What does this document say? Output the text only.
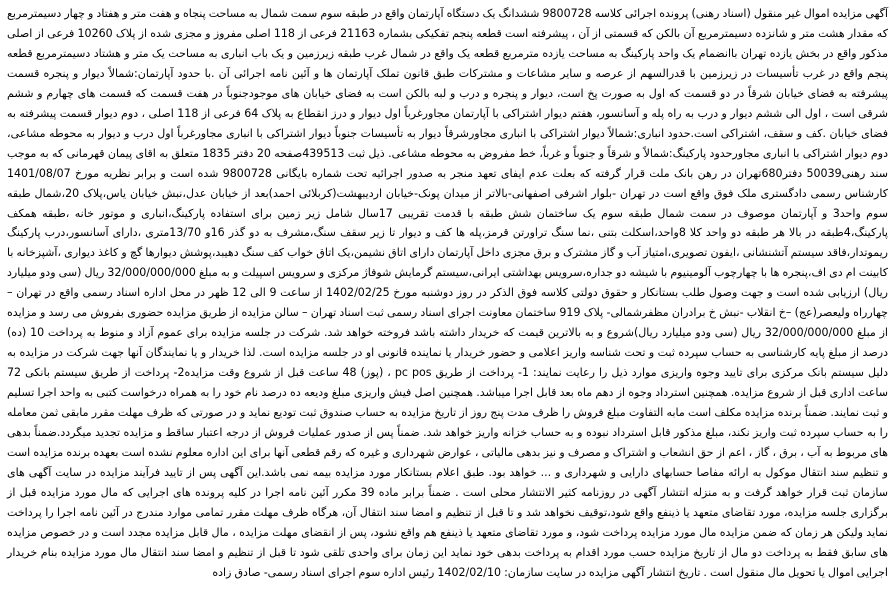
آگهی مزایده اموال غیر منقول (اسناد رهنی) پرونده اجرائی کلاسه 9800728 ششدانگ یک دستگاه آپارتمان واقع در طبقه سوم سمت شمال به مساحت پنجاه و هفت متر و هفتاد و چهار دسیمترمربع که مقدار هشت متر و شانزده دسیمترمربع آن بالکن که قسمتی از آن ، پیشرفته است قطعه پنجم تفکیکی بشماره 21163 فرعی از 118 اصلی مفروز و مجزی شده از پلاک 10260 فرعی از اصلی مذکور واقع در بخش یازده تهران باانضمام یک واحد پارکینگ به مساحت یازده مترمربع قطعه یک واقع در شمال غرب طبقه زیرزمین و یک باب انباری به مساحت یک متر و هشتاد دسیمترمربع قطعه پنجم واقع در غرب تأسیسات در زیرزمین با قدرالسهم از عرصه و سایر مشاعات و مشترکات طبق قانون تملک آپارتمان ها و آئین نامه اجرائی آن .با حدود آپارتمان:شمالاً دیوار و پنجره قسمت پیشرفته به فضای خیابان شرقاً در دو قسمت که اول به صورت پخ است، دیوار و پنجره و درب و لبه بالکن است به فضای خیابان های موجودجنوباً در هفت قسمت که قسمت های چهارم و ششم شرقی است ، اول الی ششم دیوار و درب به راه پله و آسانسور، هفتم دیوار اشتراکی با آپارتمان مجاورغرباً اول دیوار و درز انقطاع به پلاک 64 فرعی از 118 اصلی ، دوم دیوار قسمت پیشرفته به فضای خیابان .کف و سقف، اشتراکی است.حدود انباری:شمالاً دیوار اشتراکی با انباری مجاورشرقاً دیوار به تأسیسات جنوباً دیوار اشتراکی با انباری مجاورغرباً اول درب و دیوار به محوطه مشاعی، دوم دیوار اشتراکی با انباری مجاورحدود پارکینگ:شمالاً و شرقاً و جنوباً و غرباً، خط مفروض به محوطه مشاعی. ذیل ثبت 439513صفحه 20 دفتر 1835 متعلق به اقای پیمان قهرمانی که به موجب سند رهنی50039 دفتر680تهران در رهن بانک ملت قرار گرفته که بعلت عدم ایفای تعهد منجر به صدور اجرائیه تحت شماره بایگانی 9800728 شده است و برابر نظریه مورخ 1401/08/07 کارشناس رسمی دادگستری ملک فوق واقع است در تهران -بلوار اشرفی اصفهانی-بالاتر از میدان پونک-خیابان اردیبهشت(کربلائی احمد)بعد از خیابان عدل،نبش خیابان یاس،پلاک 20،شمال طبقه سوم واحد3 و آپارتمان موصوف در سمت شمال طبقه سوم یک ساختمان شش طبقه با قدمت تقریبی 17سال شامل زیر زمین برای استفاده پارکینگ،انباری و موتور خانه ،طبقه همکف پارکینگ،4طبقه در بالا هر طبقه دو واحد کلا 8واحد،اسکلت بتنی ،نما سنگ تراورتن قرمز،پله ها کف و دیوار تا زیر سقف سنگ،مشرف به دو گذر 16و 13/70متری ،دارای آسانسور،درب پارکینگ ریموتدار،فاقد سیستم آتشنشانی ،ایفون تصویری،امتیاز آب و گاز مشترک و برق مجزی داخل آپارتمان دارای اتاق نشیمن،یک اتاق خواب کف سنگ دهیبد،پوشش دیوارها گچ و کاغذ دیواری ،آشپزخانه با کابینت ام دی اف،پنجره ها با چهارچوب آلومینیوم با شیشه دو جداره،سرویس بهداشتی ایرانی،سیستم گرمایش شوفاژ مرکزی و سرویس اسپیلت و به مبلغ 32/000/000/000 ریال (سی ودو میلیارد ریال) ارزیابی شده است و جهت وصول طلب بستانکار و حقوق دولتی کلاسه فوق الذکر در روز دوشنبه مورخ 1402/02/25 از ساعت 9 الی 12 ظهر در محل اداره اسناد رسمی واقع در تهران – چهارراه ولیعصر(عج) –خ انقلاب -نبش خ برادران مظفرشمالی- پلاک 919 ساختمان معاونت اجرای اسناد رسمی ثبت اسناد تهران – سالن مزایده از طریق مزایده حضوری بفروش می رسد و مزایده از مبلغ 32/000/000/000 ریال (سی ودو میلیارد ریال)شروع و به بالاترین قیمت که خریدار داشته باشد فروخته خواهد شد. شرکت در جلسه مزایده برای عموم آزاد و منوط به پرداخت 10 (ده) درصد از مبلغ پایه کارشناسی به حساب سپرده ثبت و تحت شناسه واریز اعلامی و حضور خریدار یا نماینده قانونی او در جلسه مزایده است. لذا خریدار و یا نمایندگان آنها جهت شرکت در مزایده به دلیل سیستم بانک مرکزی برای تایید وجوه واریزی موارد ذیل را رعایت نمایند: 1- پرداخت از طریق pc pos ، (پوز) 48 ساعت قبل از شروع وقت مزایده2- پرداخت از طریق سیستم بانکی 72 ساعت اداری قبل از شروع مزایده. همچنین استرداد وجوه از دهم ماه بعد قابل اجرا میباشد. همچنین اصل فیش واریزی مبلغ ودیعه ده درصد نام خود را به همراه درخواست کتبی به واحد اجرا تسلیم و ثبت نمایند. ضمناً برنده مزایده مکلف است مابه التفاوت مبلغ فروش را ظرف مدت پنج روز از تاریخ مزایده به حساب صندوق ثبت تودیع نماید و در صورتی که ظرف مهلت مقرر مابقی ثمن معامله را به حساب سپرده ثبت واریز نکند، مبلغ مذکور قابل استرداد نبوده و به حساب خزانه واریز خواهد شد. ضمناً پس از صدور عملیات فروش از درجه اعتبار ساقط و مزایده تجدید میگردد.ضمناً بدهی های مربوط به آب ، برق ، گاز ، اعم از حق انشعاب و اشتراک و مصرف و نیز بدهی مالیاتی ، عوارض شهرداری و غیره که رقم قطعی آنها برای این اداره معلوم نشده است بعهده برنده مزایده است و تنظیم سند انتقال موکول به ارائه مفاصا حسابهای دارایی و شهرداری و ... خواهد بود. طبق اعلام بستانکار مورد مزایده بیمه نمی باشد.این آگهی پس از تایید فرآیند مزایده در سایت آگهی های سازمان ثبت قرار خواهد گرفت و به منزله انتشار آگهی در روزنامه کثیر الانتشار محلی است . ضمناً برابر ماده 39 مکرر آئین نامه اجرا در کلیه پرونده های اجرایی که مال مورد مزایده قبل از برگزاری جلسه مزایده، مورد تقاضای متعهد یا ذینفع واقع شود،توقیف نخواهد شد و تا قبل از تنظیم و امضا سند انتقال آن، هرگاه ظرف مهلت مقرر تمامی موارد مندرج در آئین نامه اجرا را پرداخت نماید ولیکن هر زمان که ضمن مزایده مال مورد مزایده پرداخت شود، و مورد تقاضای متعهد یا ذینفع هم واقع نشود، پس از انقضای مهلت مزایده ، مال قابل مزایده مجدد است و در خصوص مزایده های سابق فقط به پرداخت دو مال از تاریخ مزایده حسب مورد اقدام به پرداخت بدهی خود نماید این زمان برای واحدی تلقی شود تا قبل از تنظیم و امضا سند انتقال مال مورد مزایده بنام خریدار اجرایی اموال یا تحویل مال منقول است . تاریخ انتشار آگهی مزایده در سایت سازمان: 1402/02/10 رئیس اداره سوم اجرای اسناد رسمی- صادق زاده
